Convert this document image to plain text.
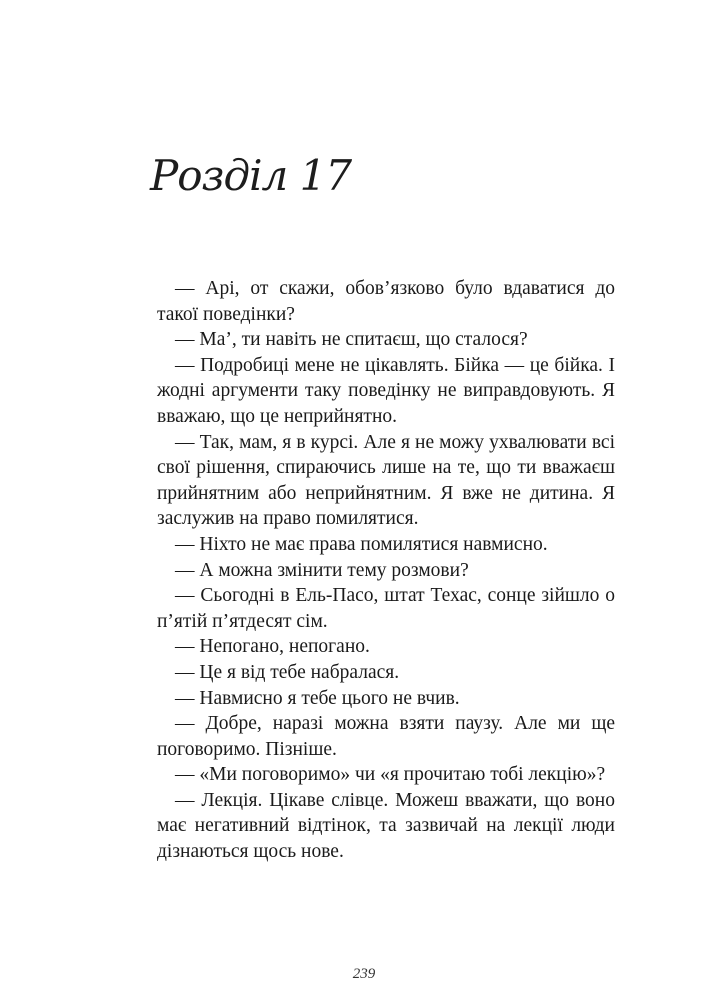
Розділ 17

— Арі, от скажи, обов’язково було вдаватися до такої поведінки?

— Ма’, ти навіть не спитаєш, що сталося?

— Подробиці мене не цікавлять. Бійка — це бійка. І жодні аргументи таку поведінку не виправдовують. Я вважаю, що це неприйнятно.

— Так, мам, я в курсі. Але я не можу ухвалювати всі свої рішення, спираючись лише на те, що ти вважаєш прийнятним або неприйнятним. Я вже не дитина. Я заслужив на право помилятися.

— Ніхто не має права помилятися навмисно.

— А можна змінити тему розмови?

— Сьогодні в Ель-Пасо, штат Техас, сонце зійшло о п’ятій п’ятдесят сім.

— Непогано, непогано.

— Це я від тебе набралася.

— Навмисно я тебе цього не вчив.

— Добре, наразі можна взяти паузу. Але ми ще поговоримо. Пізніше.

— «Ми поговоримо» чи «я прочитаю тобі лекцію»?

— Лекція. Цікаве слівце. Можеш вважати, що воно має негативний відтінок, та зазвичай на лекції люди дізнаються щось нове.

239
